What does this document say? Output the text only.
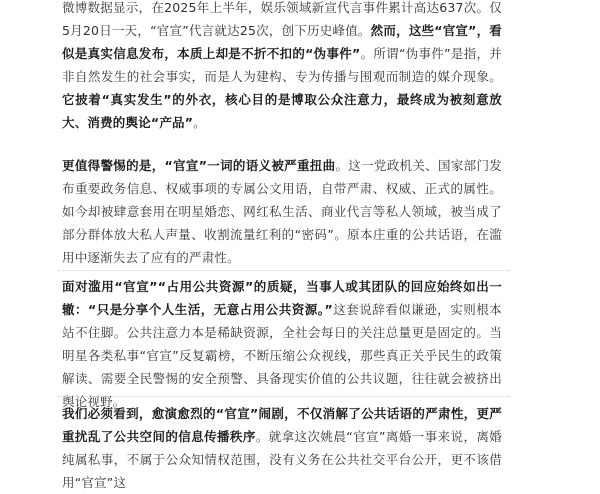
微博数据显示，在2025年上半年，娱乐领域新宣代言事件累计高达637次。仅5月20日一天，“官宣”代言就达25次，创下历史峰值。然而，这些“官宣”，看似是真实信息发布，本质上却是不折不扣的“伪事件”。所谓“伪事件”是指，并非自然发生的社会事实，而是人为建构、专为传播与围观而制造的媒介现象。它披着“真实发生”的外衣，核心目的是博取公众注意力，最终成为被刻意放大、消费的舆论“产品”。

更值得警惕的是，“官宣”一词的语义被严重扭曲。这一党政机关、国家部门发布重要政务信息、权威事项的专属公文用语，自带严肃、权威、正式的属性。如今却被肆意套用在明星婚恋、网红私生活、商业代言等私人领域，被当成了部分群体放大私人声量、收割流量红利的“密码”。原本庄重的公共话语，在滥用中逐渐失去了应有的严肃性。

面对滥用“官宣”“占用公共资源”的质疑，当事人或其团队的回应始终如出一辙：“只是分享个人生活，无意占用公共资源。”这套说辞看似谦逊，实则根本站不住脚。公共注意力本是稀缺资源，全社会每日的关注总量更是固定的。当明星各类私事“官宣”反复霸榜，不断压缩公众视线，那些真正关乎民生的政策解读、需要全民警惕的安全预警、具备现实价值的公共议题，往往就会被挤出舆论视野。

我们必须看到，愈演愈烈的“官宣”闹剧，不仅消解了公共话语的严肃性，更严重扰乱了公共空间的信息传播秩序。就拿这次姚晨“官宣”离婚一事来说，离婚纯属私事，不属于公众知情权范围，没有义务在公共社交平台公开，更不该借用“官宣”这
